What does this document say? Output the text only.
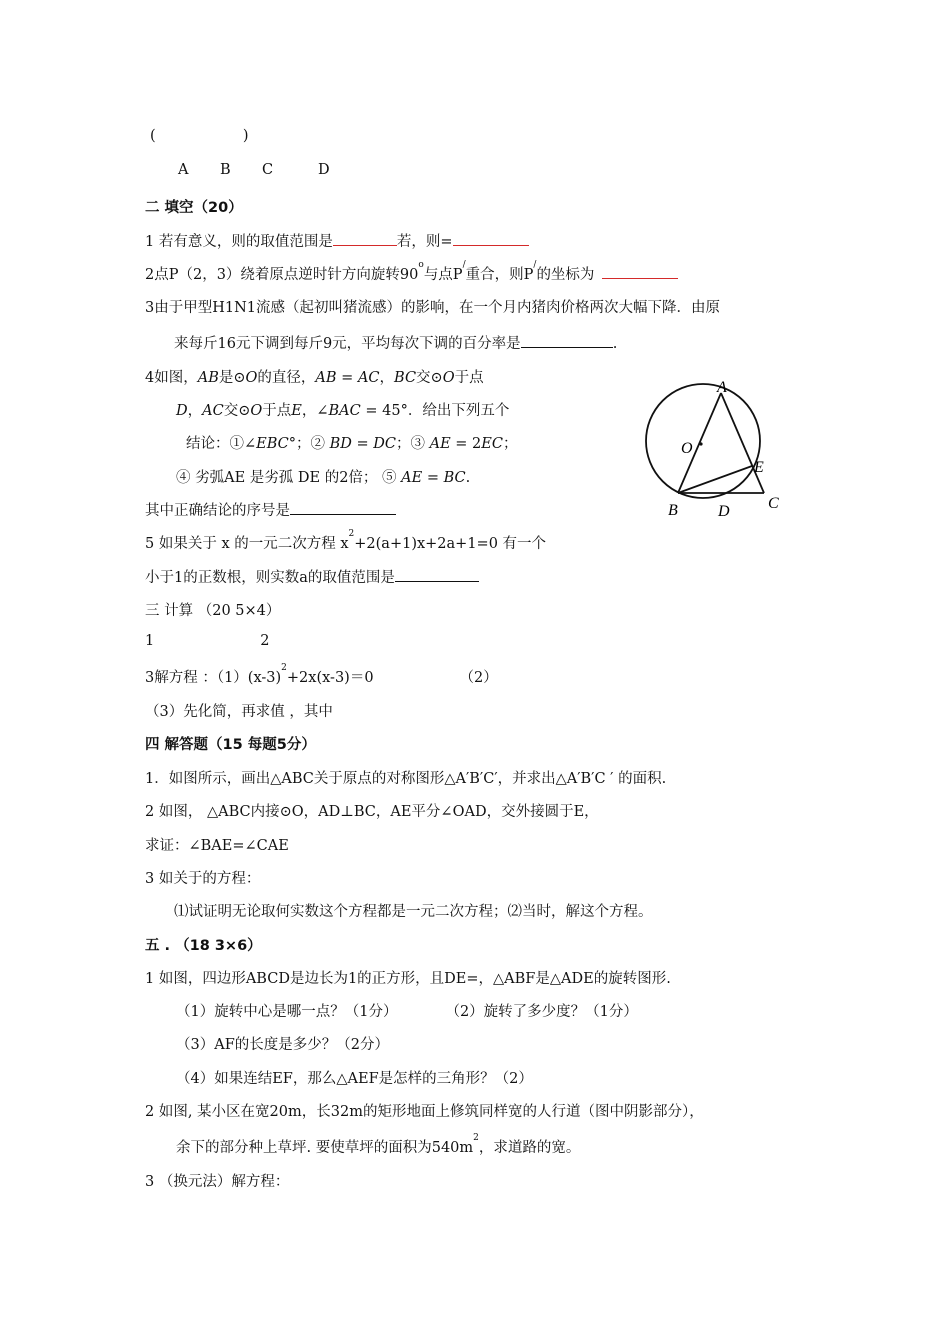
(	)
A B C	D
二 填空（20）
1 若有意义，则的取值范围是	若，则=
2点P（2，3）绕着原点逆时针方向旋转90$^o$与点P/重合，则P/的坐标为
3由于甲型H1N1流感（起初叫猪流感）的影响，在一个月内猪肉价格两次大幅下降．由原
来每斤16元下调到每斤9元，平均每次下调的百分率是	.
4如图，AB是⊙O的直径，AB = AC，BC交⊙O于点
D，AC交⊙O于点E，∠BAC = 45°．给出下列五个
结论：①∠EBC°；② BD = DC；③ AE = 2EC；
④ 劣弧AE 是劣孤 DE 的2倍； ⑤ AE = BC.
其中正确结论的序号是
A
O
E
B	D C
5 如果关于 x 的一元二次方程 $x^2+2(a+1)x+2a+1=0$ 有一个
小于1的正数根，则实数a的取值范围是
三 计算 （20 5×4）
1	2
3解方程 ：$(1)(x-3)^2+2x(x-3)=0$	（2）
（3）先化简，再求值 ，其中
四 解答题（15 每题5分）
1．如图所示，画出△ABC关于原点的对称图形△A′B′C′，并求出△A′B′C ′ 的面积.
2 如图， △ABC内接⊙O，AD⊥BC，AE平分∠OAD，交外接圆于E，
求证：∠BAE=∠CAE
3 如关于的方程：
⑴试证明无论取何实数这个方程都是一元二次方程；⑵当时，解这个方程。
五 . （18 3×6）
1 如图，四边形ABCD是边长为1的正方形，且DE=，△ABF是△ADE的旋转图形.
（1）旋转中心是哪一点？（1分）	（2）旋转了多少度？（1分）
（3）AF的长度是多少？（2分）
（4）如果连结EF，那么△AEF是怎样的三角形？（2）
2 如图, 某小区在宽20m，长32m的矩形地面上修筑同样宽的人行道（图中阴影部分），
余下的部分种上草坪. 要使草坪的面积为$540m^2$，求道路的宽。
3 （换元法）解方程：
